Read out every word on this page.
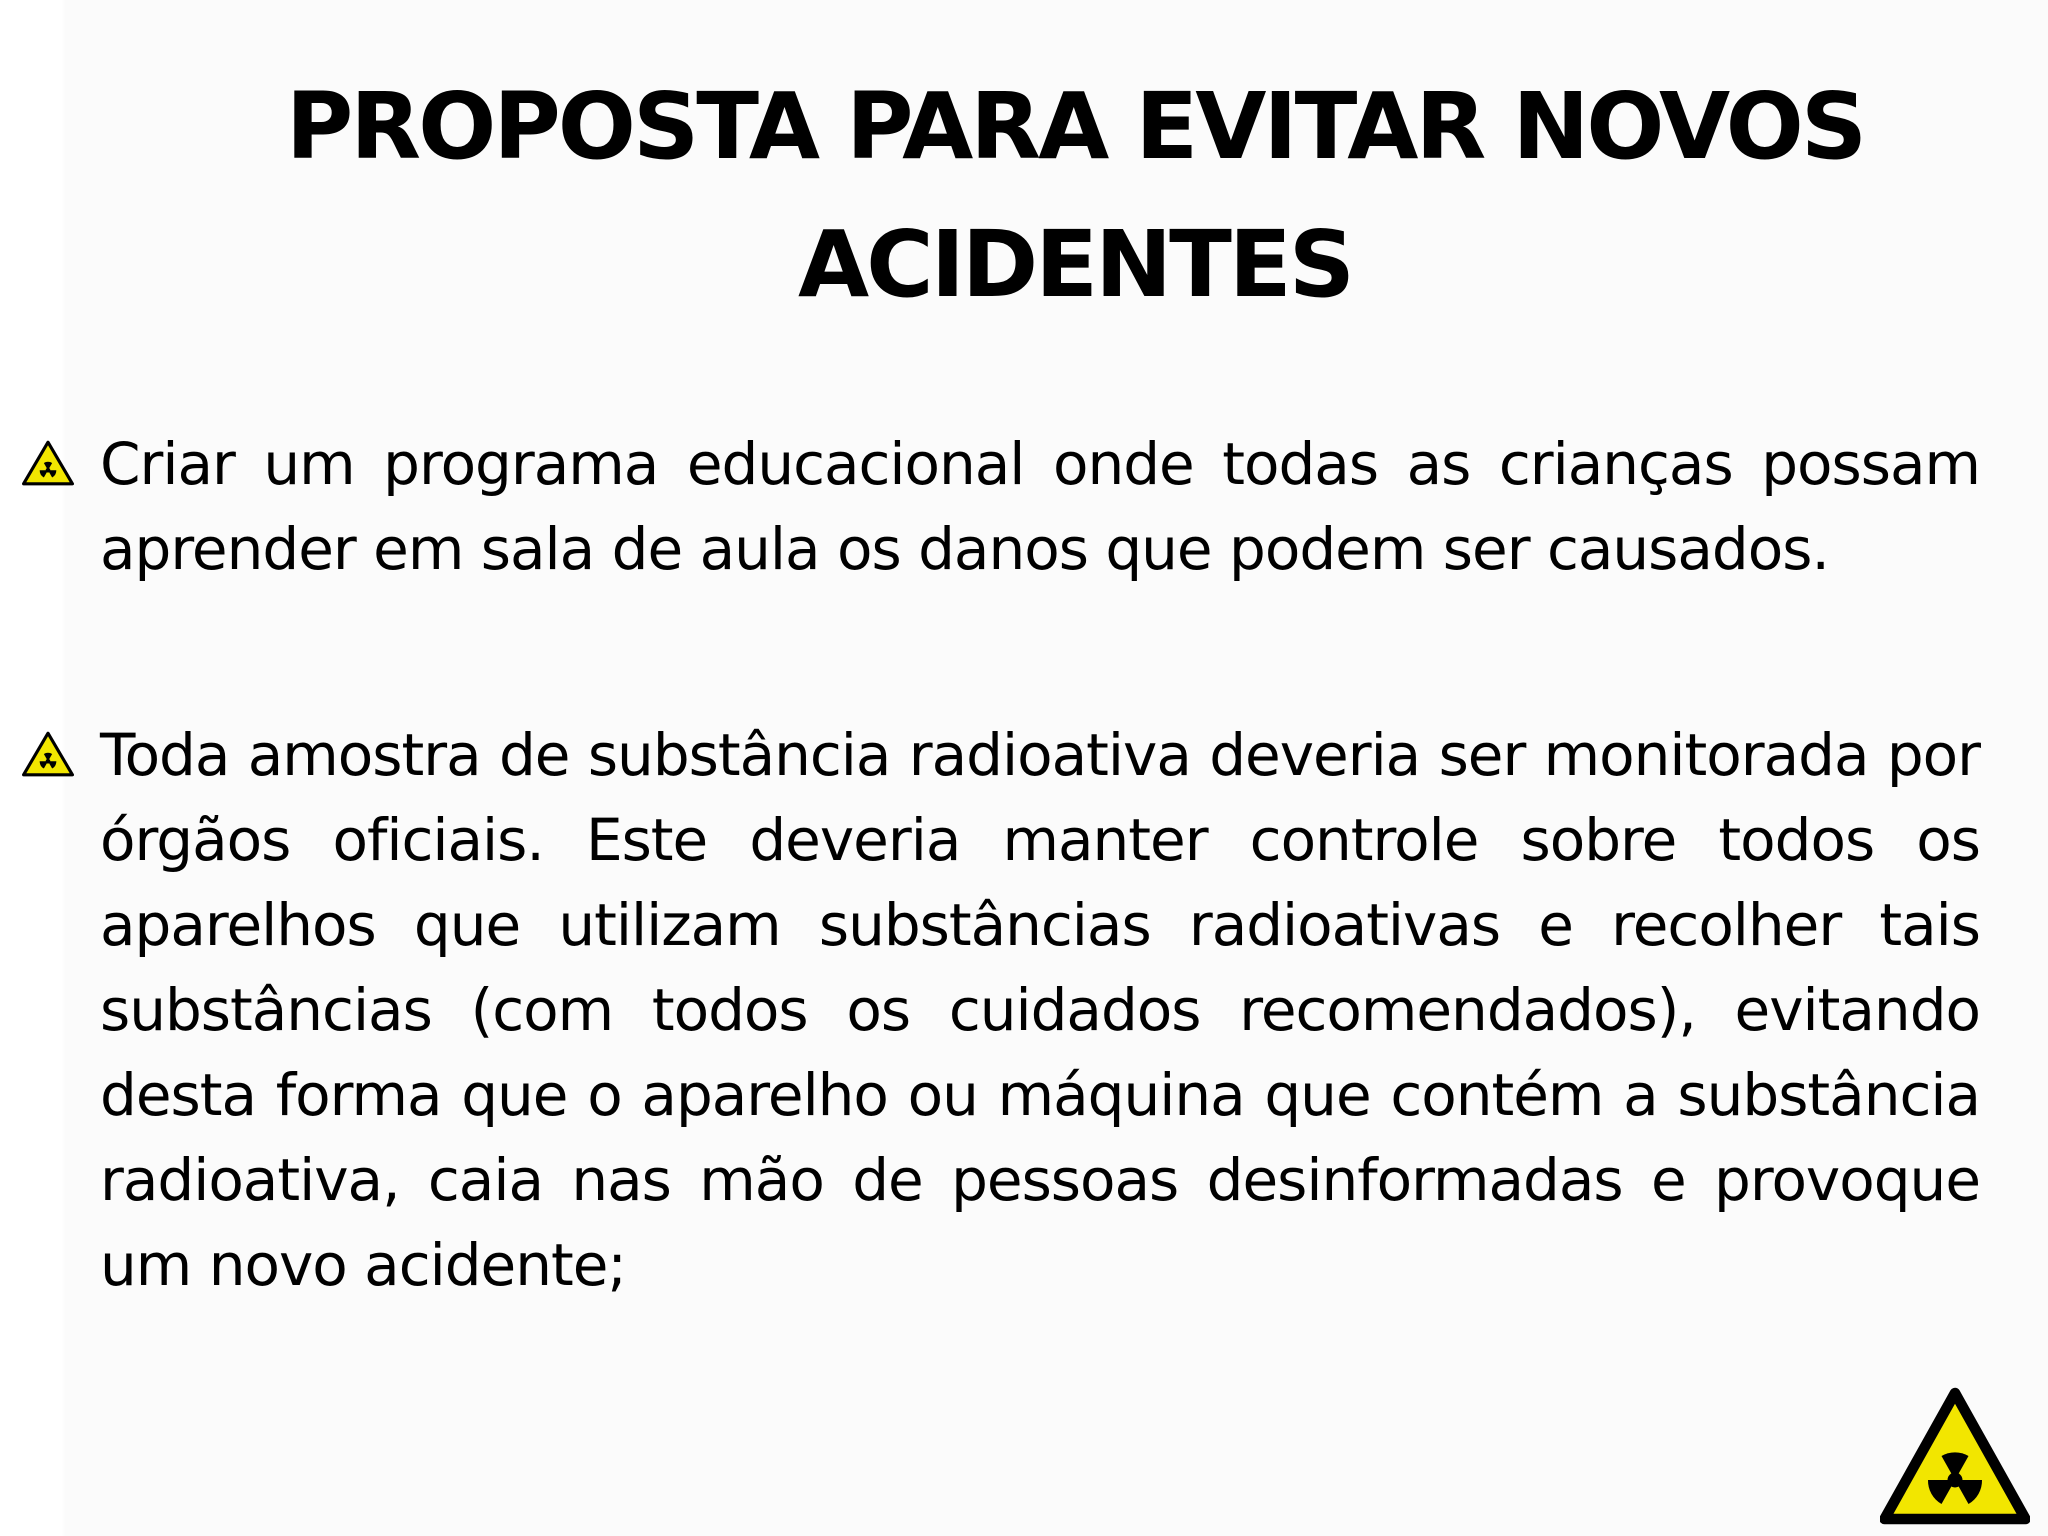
PROPOSTA PARA EVITAR NOVOS ACIDENTES

Criar um programa educacional onde todas as crianças possam aprender em sala de aula os danos que podem ser causados.

Toda amostra de substância radioativa deveria ser monitorada por órgãos oficiais. Este deveria manter controle sobre todos os aparelhos que utilizam substâncias radioativas e recolher tais substâncias (com todos os cuidados recomendados), evitando desta forma que o aparelho ou máquina que contém a substância radioativa, caia nas mão de pessoas desinformadas e provoque um novo acidente;
